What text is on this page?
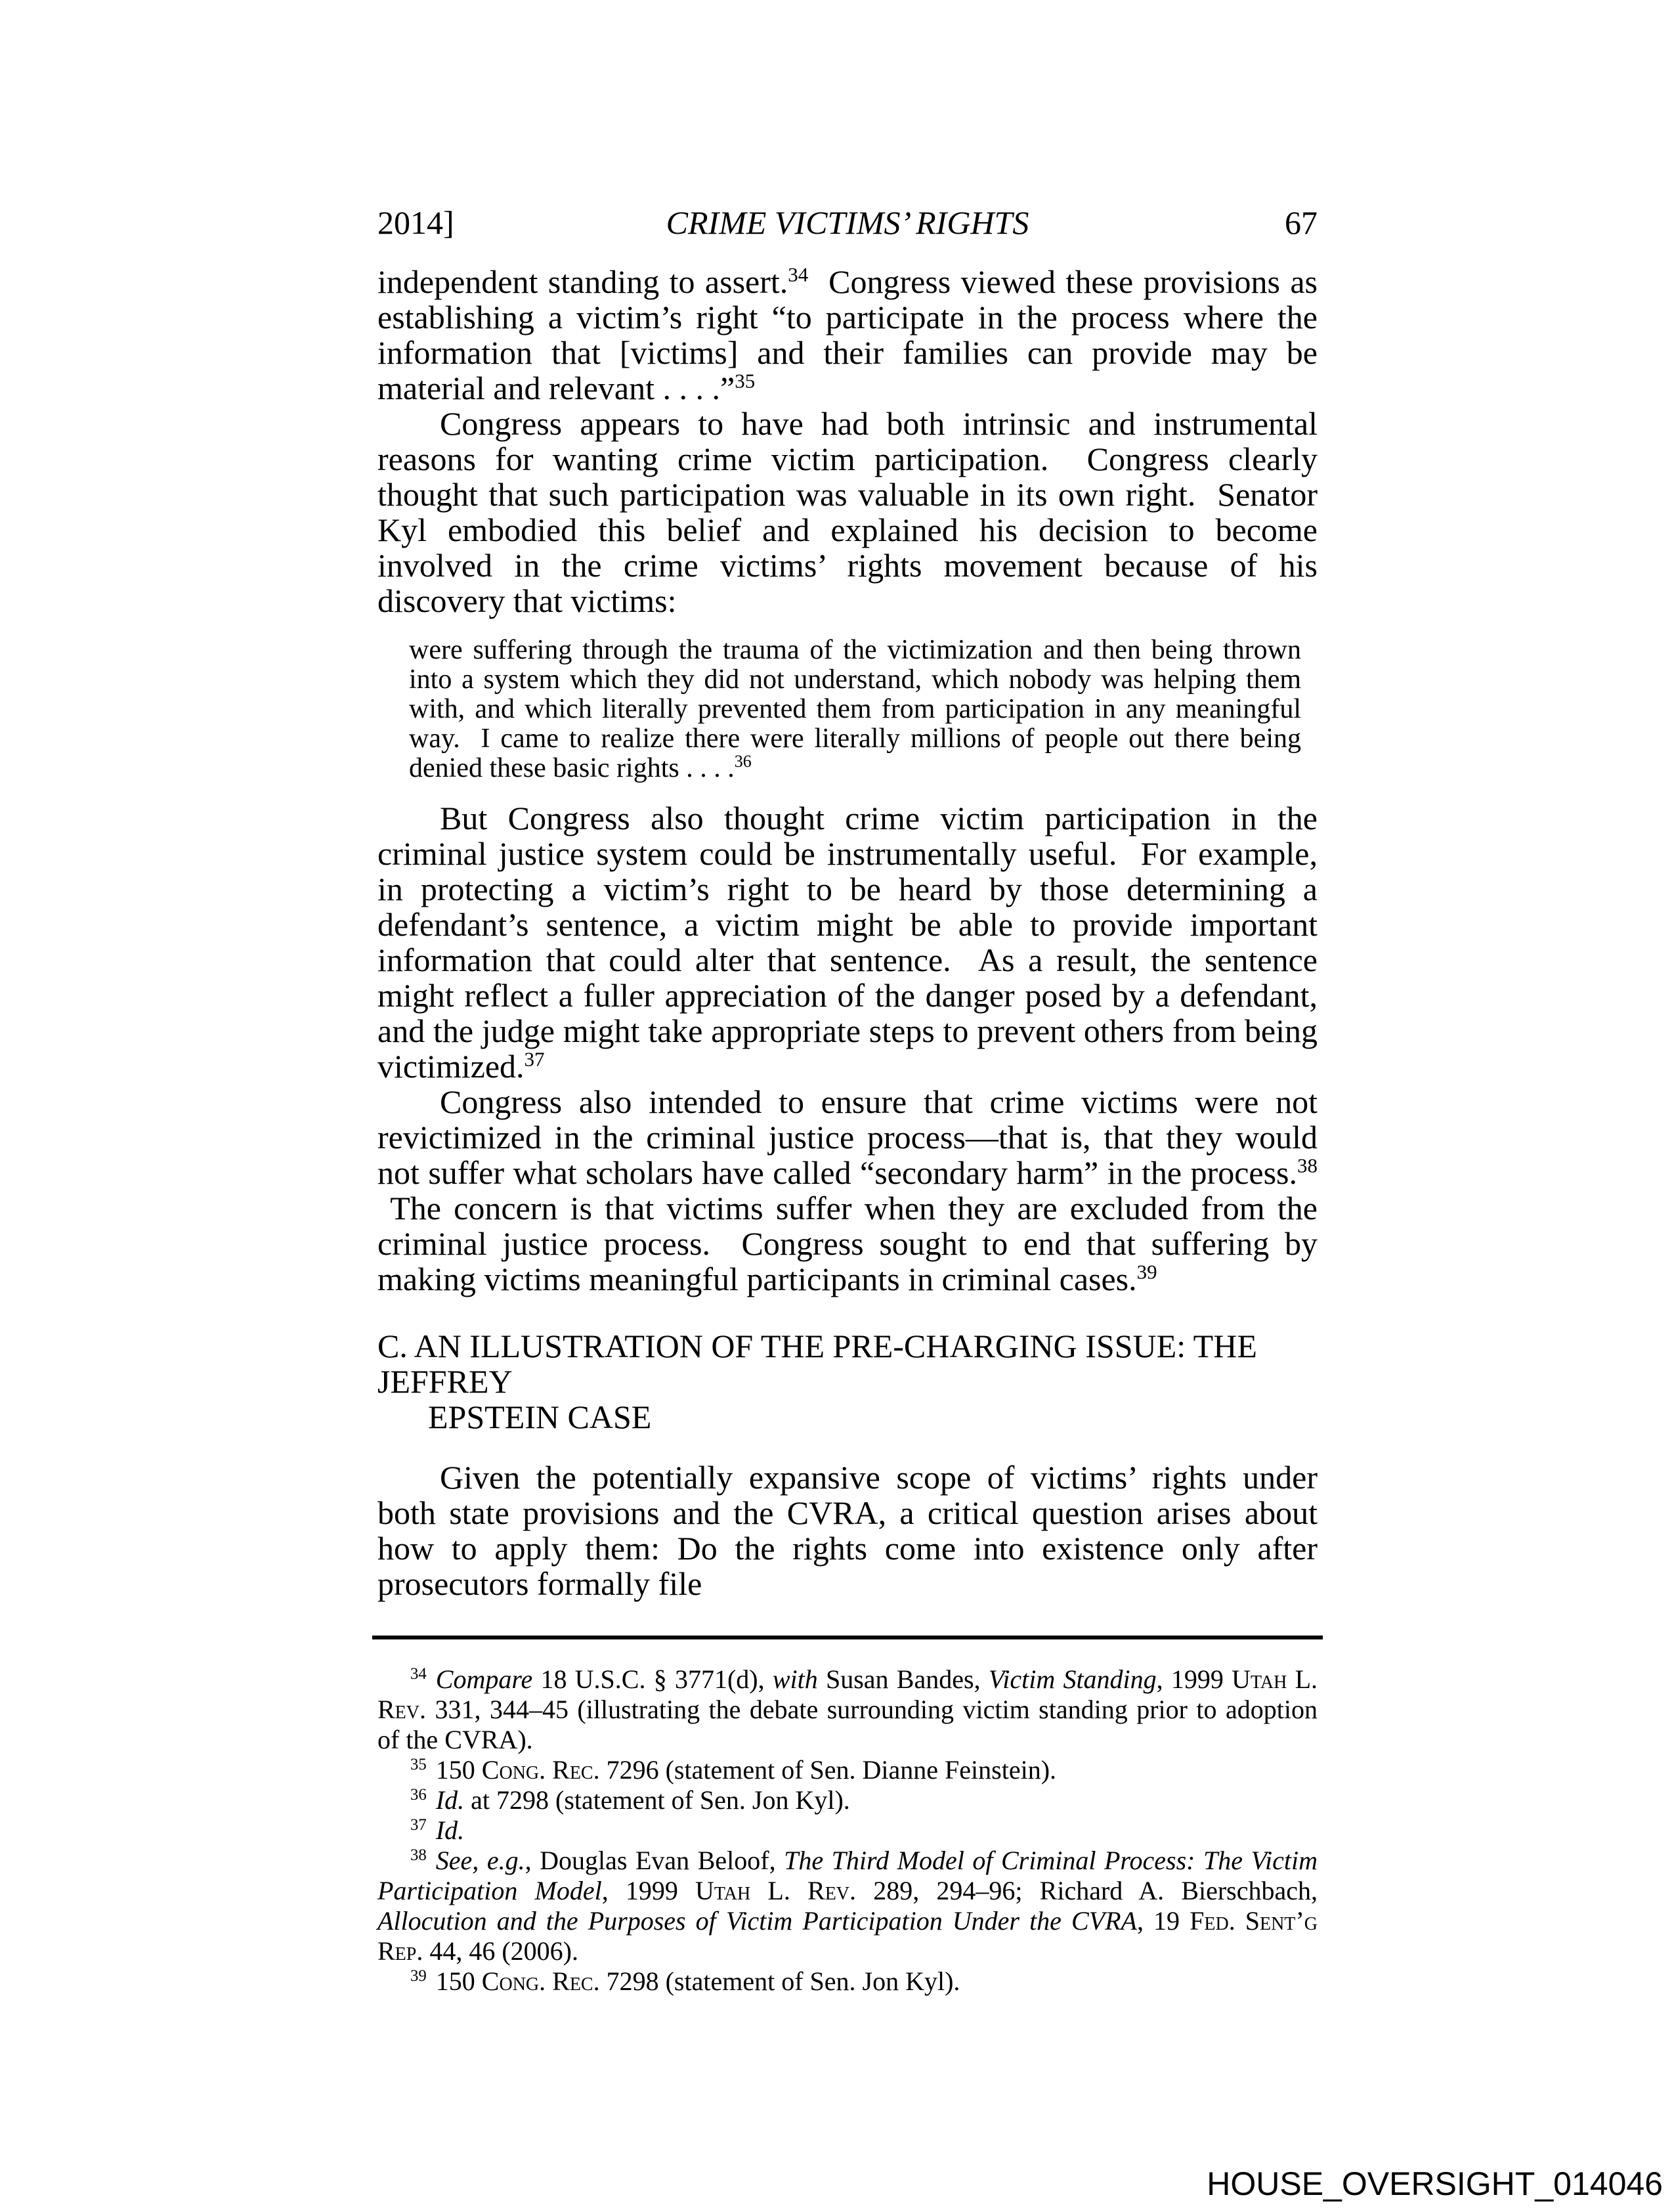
2014]	CRIME VICTIMS’ RIGHTS	67

independent standing to assert.$^{34}$  Congress viewed these provisions as establishing a victim’s right “to participate in the process where the information that [victims] and their families can provide may be material and relevant . . . .”$^{35}$

Congress appears to have had both intrinsic and instrumental reasons for wanting crime victim participation.  Congress clearly thought that such participation was valuable in its own right.  Senator Kyl embodied this belief and explained his decision to become involved in the crime victims’ rights movement because of his discovery that victims:

were suffering through the trauma of the victimization and then being thrown into a system which they did not understand, which nobody was helping them with, and which literally prevented them from participation in any meaningful way.  I came to realize there were literally millions of people out there being denied these basic rights . . . .$^{36}$

But Congress also thought crime victim participation in the criminal justice system could be instrumentally useful.  For example, in protecting a victim’s right to be heard by those determining a defendant’s sentence, a victim might be able to provide important information that could alter that sentence.  As a result, the sentence might reflect a fuller appreciation of the danger posed by a defendant, and the judge might take appropriate steps to prevent others from being victimized.$^{37}$

Congress also intended to ensure that crime victims were not revictimized in the criminal justice process—that is, that they would not suffer what scholars have called “secondary harm” in the process.$^{38}$  The concern is that victims suffer when they are excluded from the criminal justice process.  Congress sought to end that suffering by making victims meaningful participants in criminal cases.$^{39}$

C. AN ILLUSTRATION OF THE PRE-CHARGING ISSUE: THE JEFFREY
EPSTEIN CASE

Given the potentially expansive scope of victims’ rights under both state provisions and the CVRA, a critical question arises about how to apply them: Do the rights come into existence only after prosecutors formally file

$^{34}$ Compare 18 U.S.C. § 3771(d), with Susan Bandes, Victim Standing, 1999 Utah L. Rev. 331, 344–45 (illustrating the debate surrounding victim standing prior to adoption of the CVRA).

$^{35}$ 150 Cong. Rec. 7296 (statement of Sen. Dianne Feinstein).

$^{36}$ Id. at 7298 (statement of Sen. Jon Kyl).

$^{37}$ Id.

$^{38}$ See, e.g., Douglas Evan Beloof, The Third Model of Criminal Process: The Victim Participation Model, 1999 Utah L. Rev. 289, 294–96; Richard A. Bierschbach, Allocution and the Purposes of Victim Participation Under the CVRA, 19 Fed. Sent’g Rep. 44, 46 (2006).

$^{39}$ 150 Cong. Rec. 7298 (statement of Sen. Jon Kyl).

HOUSE_OVERSIGHT_014046
